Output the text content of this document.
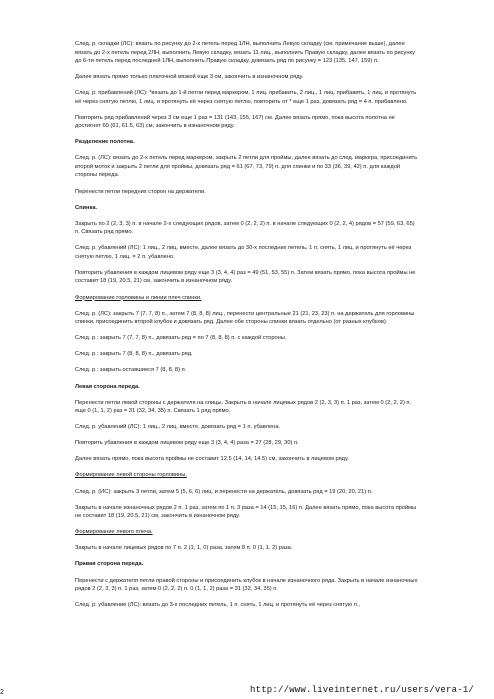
След. р. складки (ЛС): вязать по рисунку до 2-х петель перед 1ЛН, выполнить Левую складку (см. примечание выше), далее вязать до 2-х петель перед 2ЛН, выполнить Левую складку, вязать 11 лиц., выполнить Правую складку, далее вязать по рисунку до 6-ти петель перед последней 1ЛН, выполнить Правую складку, довязать ряд по рисунку = 123 (135, 147, 159) п.

Далее вязать прямо только платочной вязкой еще 3 см, закончить в изнаночном ряду.

След. р. прибавлений (ЛС): *вязать до 1-й петли перед маркером, 1 лиц. прибавить, 2 лиц., 1 лиц. прибавить, 1 лиц. и протянуть её через снятую петлю, 1 лиц. и протянуть её через снятую петлю, повторить от * еще 1 раз, довязать ряд = 4 п. прибавлено.

Повторить ряд прибавлений через 3 см еще 1 раз = 131 (143, 155, 167) см. Далее вязать прямо, пока высота полотна не достигнет 60 (61, 61.5, 63) см, закончить в изнаночном ряду.

Разделение полотна.

След. р. (ЛС): вязать до 2-х петель перед маркером, закрыть 2 петли для проймы, далее вязать до след. маркера, присоединить второй моток и закрыть 2 петли для проймы, довязать ряд = 61 (67, 73, 79) п. для спинки и по 33 (36, 39, 42) п. для каждой стороны переда.

Перенести петли передних сторон на держатели.

Спинка.

Закрыть по 2 (2, 3, 3) п. в начале 2-х следующих рядов, затем 0 (2, 2, 2) п. в начале следующих 0 (2, 2, 4) рядов = 57 (59, 63, 65) п. Связать ряд прямо.

След. р. убавлений (ЛС): 1 лиц., 2 лиц. вместе, далее вязать до 30-х последних петель, 1 п. снять, 1 лиц. и протянуть её через снятую петлю, 1 лиц. = 2 п. убавлено.

Повторить убавления в каждом лицевом ряду еще 3 (3, 4, 4) раз = 49 (51, 53, 55) п. Затем вязать прямо, пока высота проймы не составит 18 (19, 20.5, 21) см, закончить в изнаночном ряду.

Формирование горловины и линии плеч спинки.

След. р. (ЛС): закрыть 7 (7, 7, 8) п., затем 7 (8, 8, 8) лиц., перенести центральные 21 (21, 23, 23) п. на держатель для горловины спинки, присоединить второй клубок и довязать ряд. Далее обе стороны спинки вязать отдельно (от разных клубков).

След. р.: закрыть 7 (7, 7, 8) п., довязать ряд = по 7 (8, 8, 8) п. с каждой стороны.

След. р.: закрыть 7 (8, 8, 8) п., довязать ряд.

След. р.: закрыть оставшиеся 7 (8, 8, 8) п.

Левая сторона переда.

Перенести петли левой стороны с держателя на спицы. Закрыть в начале лицевых рядов 2 (2, 3, 3) п. 1 раз, затем 0 (2, 2, 2) п. еще 0 (1, 1, 2) раз = 31 (32, 34, 35) п. Связать 1 ряд прямо.

След. р. убавлений (ЛС): 1 лиц., 2 лиц. вместе, довязать ряд = 1 п. убавлена.

Повторить убавления в каждом лицевом ряду еще 3 (3, 4, 4) раза = 27 (28, 29, 30) п.

Далее вязать прямо, пока высота проймы не составит 12.5 (14, 14, 14.5) см, закончить в лицевом ряду.

Формирование левой стороны горловины.

След. р. (ИС): закрыть 3 петли, затем 5 (5, 6, 6) лиц. и перенести на держатель, довязать ряд = 19 (20, 20, 21) п.

Закрыть в начале изнаночных рядов 2 п. 1 раз, затем по 1 п. 3 раза = 14 (15, 15, 16) п. Далее вязать прямо, пока высота проймы не составит 18 (19, 20.5, 21) см, закончить в изнаночном ряду.

Формирование левого плеча.

Закрыть в начале лицевых рядов по 7 п. 2 (1, 1, 0) раза, затем 8 п. 0 (1, 1, 2) раза.

Правая сторона переда.

Перенести с держателя петли правой стороны и присоединить клубок в начале изнаночного ряда. Закрыть в начале изнаночных рядов 2 (2, 3, 3) п. 1 раз, затем 0 (2, 2, 2) п. 0 (1, 1, 2) раза = 31 (32, 34, 35) п.

След. р. убавление (ЛС): вязать до 3-х последних петель, 1 п. снять, 1 лиц. и протянуть её через снятую п.,

2	http://www.liveinternet.ru/users/vera-1/
